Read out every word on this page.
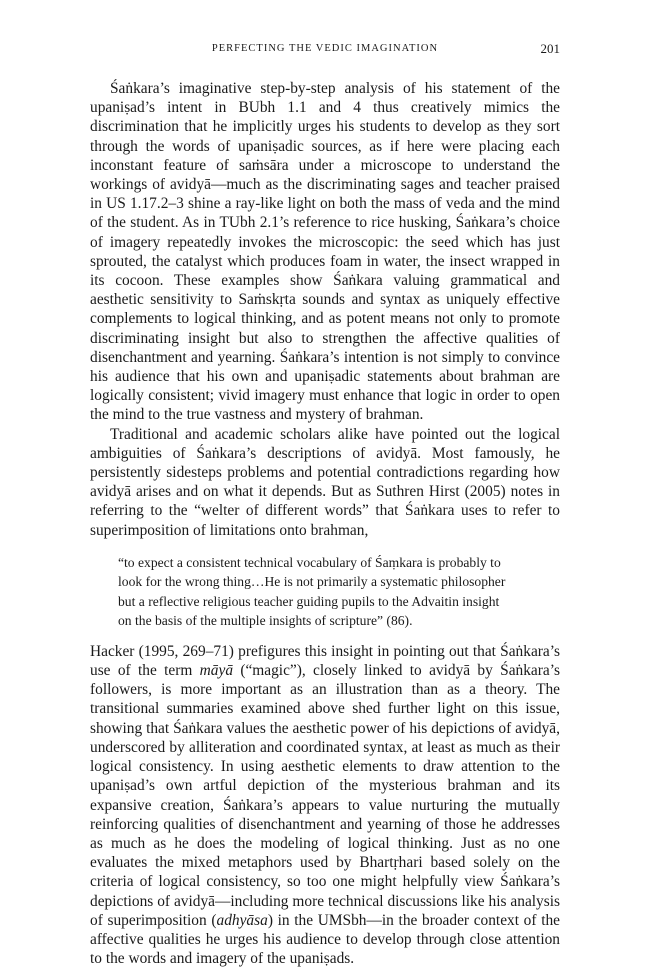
PERFECTING THE VEDIC IMAGINATION	201

Śaṅkara’s imaginative step-by-step analysis of his statement of the upaniṣad’s intent in BUbh 1.1 and 4 thus creatively mimics the discrimination that he implicitly urges his students to develop as they sort through the words of upaniṣadic sources, as if here were placing each inconstant feature of saṁsāra under a microscope to understand the workings of avidyā—much as the discriminating sages and teacher praised in US 1.17.2–3 shine a ray-like light on both the mass of veda and the mind of the student. As in TUbh 2.1’s reference to rice husking, Śaṅkara’s choice of imagery repeatedly invokes the microscopic: the seed which has just sprouted, the catalyst which produces foam in water, the insect wrapped in its cocoon. These examples show Śaṅkara valuing grammatical and aesthetic sensitivity to Saṁskṛta sounds and syntax as uniquely effective complements to logical thinking, and as potent means not only to promote discriminating insight but also to strengthen the affective qualities of disenchantment and yearning. Śaṅkara’s intention is not simply to convince his audience that his own and upaniṣadic statements about brahman are logically consistent; vivid imagery must enhance that logic in order to open the mind to the true vastness and mystery of brahman.

Traditional and academic scholars alike have pointed out the logical ambiguities of Śaṅkara’s descriptions of avidyā. Most famously, he persistently sidesteps problems and potential contradictions regarding how avidyā arises and on what it depends. But as Suthren Hirst (2005) notes in referring to the “welter of different words” that Śaṅkara uses to refer to superimposition of limitations onto brahman,

“to expect a consistent technical vocabulary of Śaṃkara is probably to
look for the wrong thing…He is not primarily a systematic philosopher
but a reflective religious teacher guiding pupils to the Advaitin insight
on the basis of the multiple insights of scripture” (86).

Hacker (1995, 269–71) prefigures this insight in pointing out that Śaṅkara’s use of the term māyā (“magic”), closely linked to avidyā by Śaṅkara’s followers, is more important as an illustration than as a theory. The transitional summaries examined above shed further light on this issue, showing that Śaṅkara values the aesthetic power of his depictions of avidyā, underscored by alliteration and coordinated syntax, at least as much as their logical consistency. In using aesthetic elements to draw attention to the upaniṣad’s own artful depiction of the mysterious brahman and its expansive creation, Śaṅkara’s appears to value nurturing the mutually reinforcing qualities of disenchantment and yearning of those he addresses as much as he does the modeling of logical thinking. Just as no one evaluates the mixed metaphors used by Bhartṛhari based solely on the criteria of logical consistency, so too one might helpfully view Śaṅkara’s depictions of avidyā—including more technical discussions like his analysis of superimposition (adhyāsa) in the UMSbh—in the broader context of the affective qualities he urges his audience to develop through close attention to the words and imagery of the upaniṣads.
